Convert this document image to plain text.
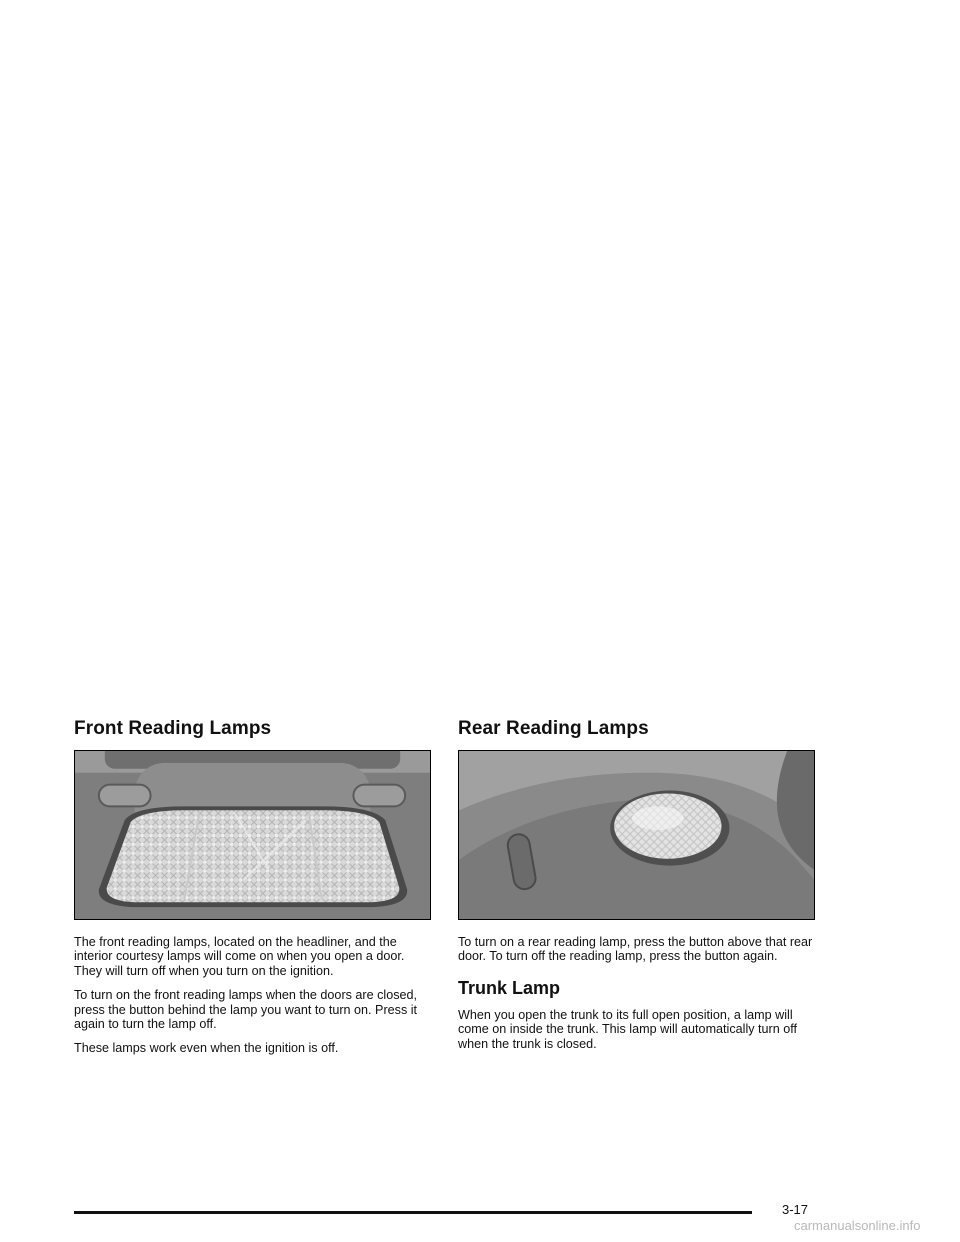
Front Reading Lamps

The front reading lamps, located on the headliner, and the interior courtesy lamps will come on when you open a door. They will turn off when you turn on the ignition.

To turn on the front reading lamps when the doors are closed, press the button behind the lamp you want to turn on. Press it again to turn the lamp off.

These lamps work even when the ignition is off.

Rear Reading Lamps

To turn on a rear reading lamp, press the button above that rear door. To turn off the reading lamp, press the button again.

Trunk Lamp

When you open the trunk to its full open position, a lamp will come on inside the trunk. This lamp will automatically turn off when the trunk is closed.

3-17
carmanualsonline.info
